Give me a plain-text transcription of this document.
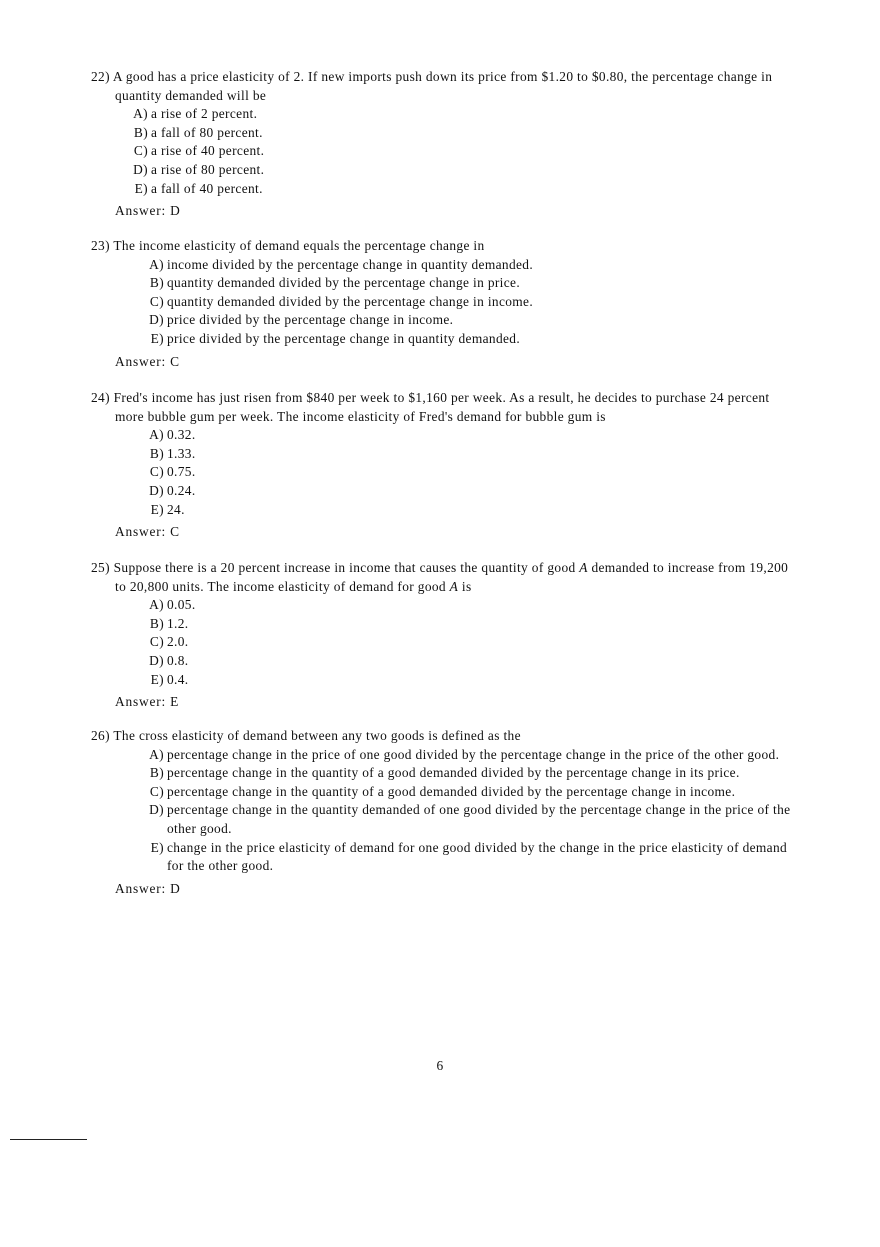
22) A good has a price elasticity of 2. If new imports push down its price from $1.20 to $0.80, the percentage change in quantity demanded will be
A) a rise of 2 percent.
B) a fall of 80 percent.
C) a rise of 40 percent.
D) a rise of 80 percent.
E) a fall of 40 percent.
Answer: D
23) The income elasticity of demand equals the percentage change in
A) income divided by the percentage change in quantity demanded.
B) quantity demanded divided by the percentage change in price.
C) quantity demanded divided by the percentage change in income.
D) price divided by the percentage change in income.
E) price divided by the percentage change in quantity demanded.
Answer: C
24) Fred's income has just risen from $840 per week to $1,160 per week. As a result, he decides to purchase 24 percent more bubble gum per week. The income elasticity of Fred's demand for bubble gum is
A) 0.32.
B) 1.33.
C) 0.75.
D) 0.24.
E) 24.
Answer: C
25) Suppose there is a 20 percent increase in income that causes the quantity of good A demanded to increase from 19,200 to 20,800 units. The income elasticity of demand for good A is
A) 0.05.
B) 1.2.
C) 2.0.
D) 0.8.
E) 0.4.
Answer: E
26) The cross elasticity of demand between any two goods is defined as the
A) percentage change in the price of one good divided by the percentage change in the price of the other good.
B) percentage change in the quantity of a good demanded divided by the percentage change in its price.
C) percentage change in the quantity of a good demanded divided by the percentage change in income.
D) percentage change in the quantity demanded of one good divided by the percentage change in the price of the other good.
E) change in the price elasticity of demand for one good divided by the change in the price elasticity of demand for the other good.
Answer: D
6
